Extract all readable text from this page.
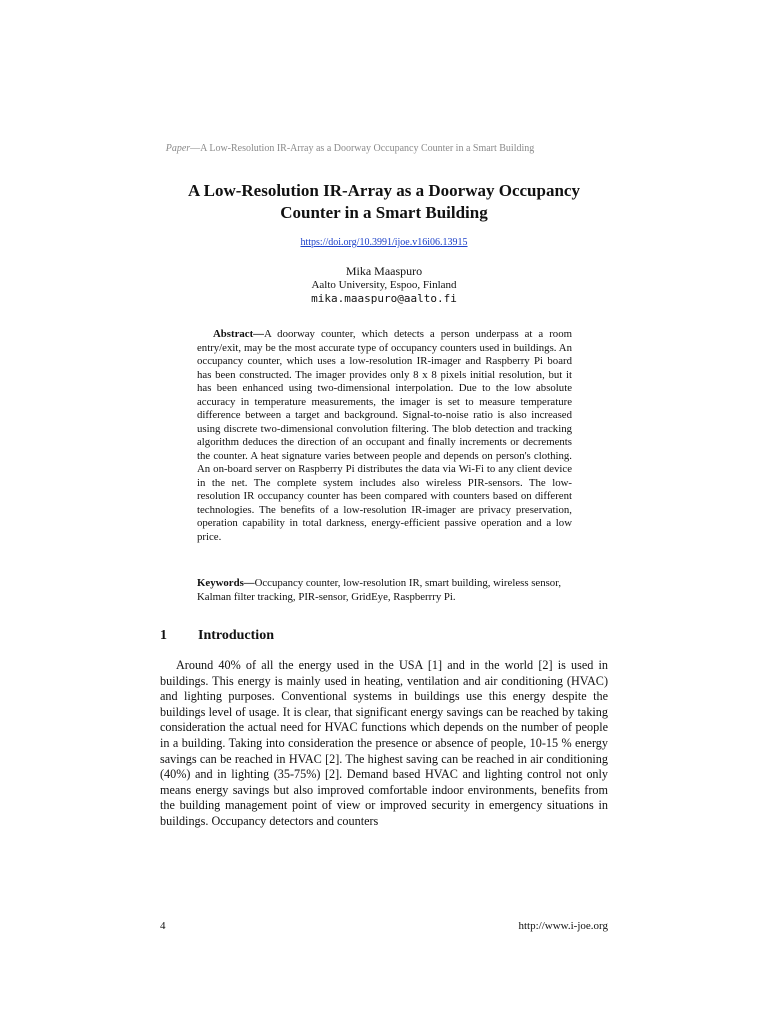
Paper—A Low-Resolution IR-Array as a Doorway Occupancy Counter in a Smart Building
A Low-Resolution IR-Array as a Doorway Occupancy
Counter in a Smart Building
https://doi.org/10.3991/ijoe.v16i06.13915
Mika Maaspuro
Aalto University, Espoo, Finland
mika.maaspuro@aalto.fi

Abstract—A doorway counter, which detects a person underpass at a room entry/exit, may be the most accurate type of occupancy counters used in buildings. An occupancy counter, which uses a low-resolution IR-imager and Raspberry Pi board has been constructed. The imager provides only 8 x 8 pixels initial resolution, but it has been enhanced using two-dimensional interpolation. Due to the low absolute accuracy in temperature measurements, the imager is set to measure temperature difference between a target and background. Signal-to-noise ratio is also increased using discrete two-dimensional convolution filtering. The blob detection and tracking algorithm deduces the direction of an occupant and finally increments or decrements the counter. A heat signature varies between people and depends on person's clothing. An on-board server on Raspberry Pi distributes the data via Wi-Fi to any client device in the net. The complete system includes also wireless PIR-sensors. The low-resolution IR occupancy counter has been compared with counters based on different technologies. The benefits of a low-resolution IR-imager are privacy preservation, operation capability in total darkness, energy-efficient passive operation and a low price.

Keywords—Occupancy counter, low-resolution IR, smart building, wireless sensor, Kalman filter tracking, PIR-sensor, GridEye, Raspberrry Pi.

1 Introduction

Around 40% of all the energy used in the USA [1] and in the world [2] is used in buildings. This energy is mainly used in heating, ventilation and air conditioning (HVAC) and lighting purposes. Conventional systems in buildings use this energy despite the buildings level of usage. It is clear, that significant energy savings can be reached by taking consideration the actual need for HVAC functions which depends on the number of people in a building. Taking into consideration the presence or absence of people, 10-15 % energy savings can be reached in HVAC [2]. The highest saving can be reached in air conditioning (40%) and in lighting (35-75%) [2]. Demand based HVAC and lighting control not only means energy savings but also improved comfortable indoor environments, benefits from the building management point of view or improved security in emergency situations in buildings. Occupancy detectors and counters

4	http://www.i-joe.org
